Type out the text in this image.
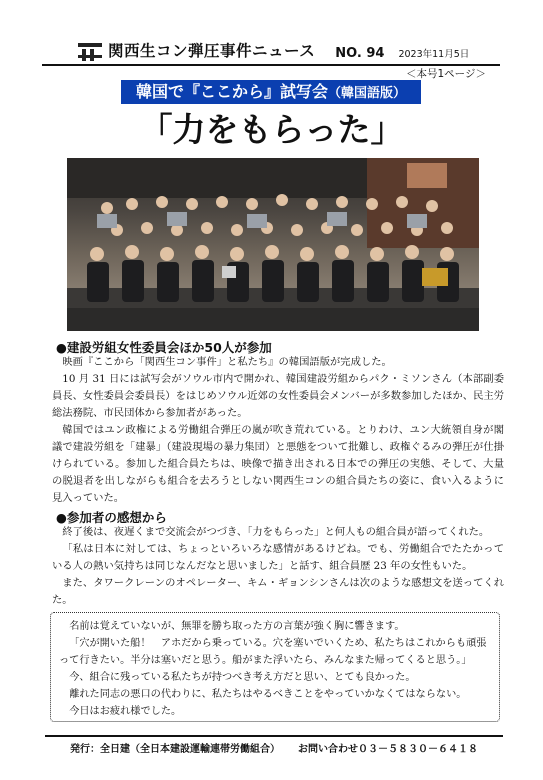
関西生コン弾圧事件ニュース NO. 94 2023年11月5日
＜本号1ページ＞
韓国で『ここから』試写会（韓国語版）
「力をもらった」
●建設労組女性委員会ほか50人が参加

映画『ここから「関西生コン事件」と私たち』の韓国語版が完成した。

10 月 31 日には試写会がソウル市内で開かれ、韓国建設労組からパク・ミソンさん（本部副委員長、女性委員会委員長）をはじめソウル近郊の女性委員会メンバーが多数参加したほか、民主労総法務院、市民団体から参加者があった。

韓国ではユン政権による労働組合弾圧の嵐が吹き荒れている。とりわけ、ユン大統領自身が閣議で建設労組を「建暴」（建設現場の暴力集団）と悪態をついて批難し、政権ぐるみの弾圧が仕掛けられている。参加した組合員たちは、映像で描き出される日本での弾圧の実態、そして、大量の脱退者を出しながらも組合を去ろうとしない関西生コンの組合員たちの姿に、食い入るように見入っていた。

●参加者の感想から

終了後は、夜遅くまで交流会がつづき、「力をもらった」と何人もの組合員が語ってくれた。

「私は日本に対しては、ちょっといろいろな感情があるけどね。でも、労働組合でたたかっている人の熱い気持ちは同じなんだなと思いました」と話す、組合員歴 23 年の女性もいた。

また、タワークレーンのオペレーター、キム・ギョンシンさんは次のような感想文を送ってくれた。

名前は覚えていないが、無罪を勝ち取った方の言葉が強く胸に響きます。

「穴が開いた船！　アホだから乗っている。穴を塞いでいくため、私たちはこれからも頑張って行きたい。半分は塞いだと思う。船がまた浮いたら、みんなまた帰ってくると思う。」

今、組合に残っている私たちが持つべき考え方だと思い、とても良かった。

離れた同志の悪口の代わりに、私たちはやるべきことをやっていかなくてはならない。

今日はお疲れ様でした。

発行：全日建（全日本建設運輸連帯労働組合） お問い合わせ０３－５８３０－６４１８
